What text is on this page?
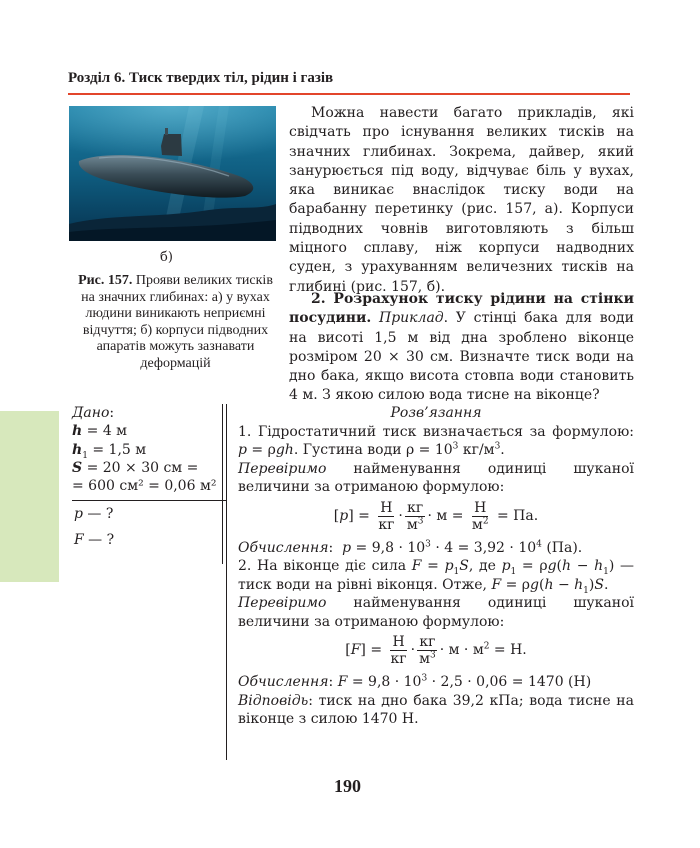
Розділ 6. Тиск твердих тіл, рідин і газів
б)
Рис. 157. Прояви великих тисків на значних глибинах: а) у вухах людини виникають неприємні відчуття; б) корпуси підводних апаратів можуть зазнавати деформацій
Можна навести багато прикладів, які свідчать про існування великих тисків на значних глибинах. Зокрема, дайвер, який занурюється під воду, відчуває біль у вухах, яка виникає внаслідок тиску води на барабанну перетинку (рис. 157, а). Корпуси підводних човнів виготовляють з більш міцного сплаву, ніж корпуси надводних суден, з урахуванням величезних тисків на глибині (рис. 157, б).
2. Розрахунок тиску рідини на стінки посудини. Приклад. У стінці бака для води на висоті 1,5 м від дна зроблено віконце розміром 20 × 30 см. Визначте тиск води на дно бака, якщо висота стовпа води становить 4 м. З якою силою вода тисне на віконце?
Дано:
h = 4 м
$h_1 = 1,5$ м
S = 20 × 30 см =
= 600 см² = 0,06 м²
p — ?
F — ?
Розв’язання
1. Гідростатичний тиск визначається за формулою: p = ρgh. Густина води $\rho = 10^3$ $кг/м^3$.
Перевіримо найменування одиниці шуканої величини за отриманою формулою:
$[p] = \frac{Н}{кг} \cdot \frac{кг}{м^3} \cdot м = \frac{Н}{м^2}$ = Па.
Обчислення:  $p = 9,8 \cdot 10^3 \cdot 4 = 3,92 \cdot 10^4$ (Па).
2. На віконце діє сила $F = p_1S$, де $p_1 = \rho g(h - h_1)$ — тиск води на рівні віконця. Отже, $F = \rho g(h - h_1)S$.
Перевіримо найменування одиниці шуканої величини за отриманою формулою:
$[F] = \frac{Н}{кг} \cdot \frac{кг}{м^3} \cdot м \cdot м^2 = Н$.
Обчислення: $F = 9,8 \cdot 10^3 \cdot 2,5 \cdot 0,06 = 1470$ (Н)
Відповідь: тиск на дно бака 39,2 кПа; вода тисне на віконце з силою 1470 Н.
190
